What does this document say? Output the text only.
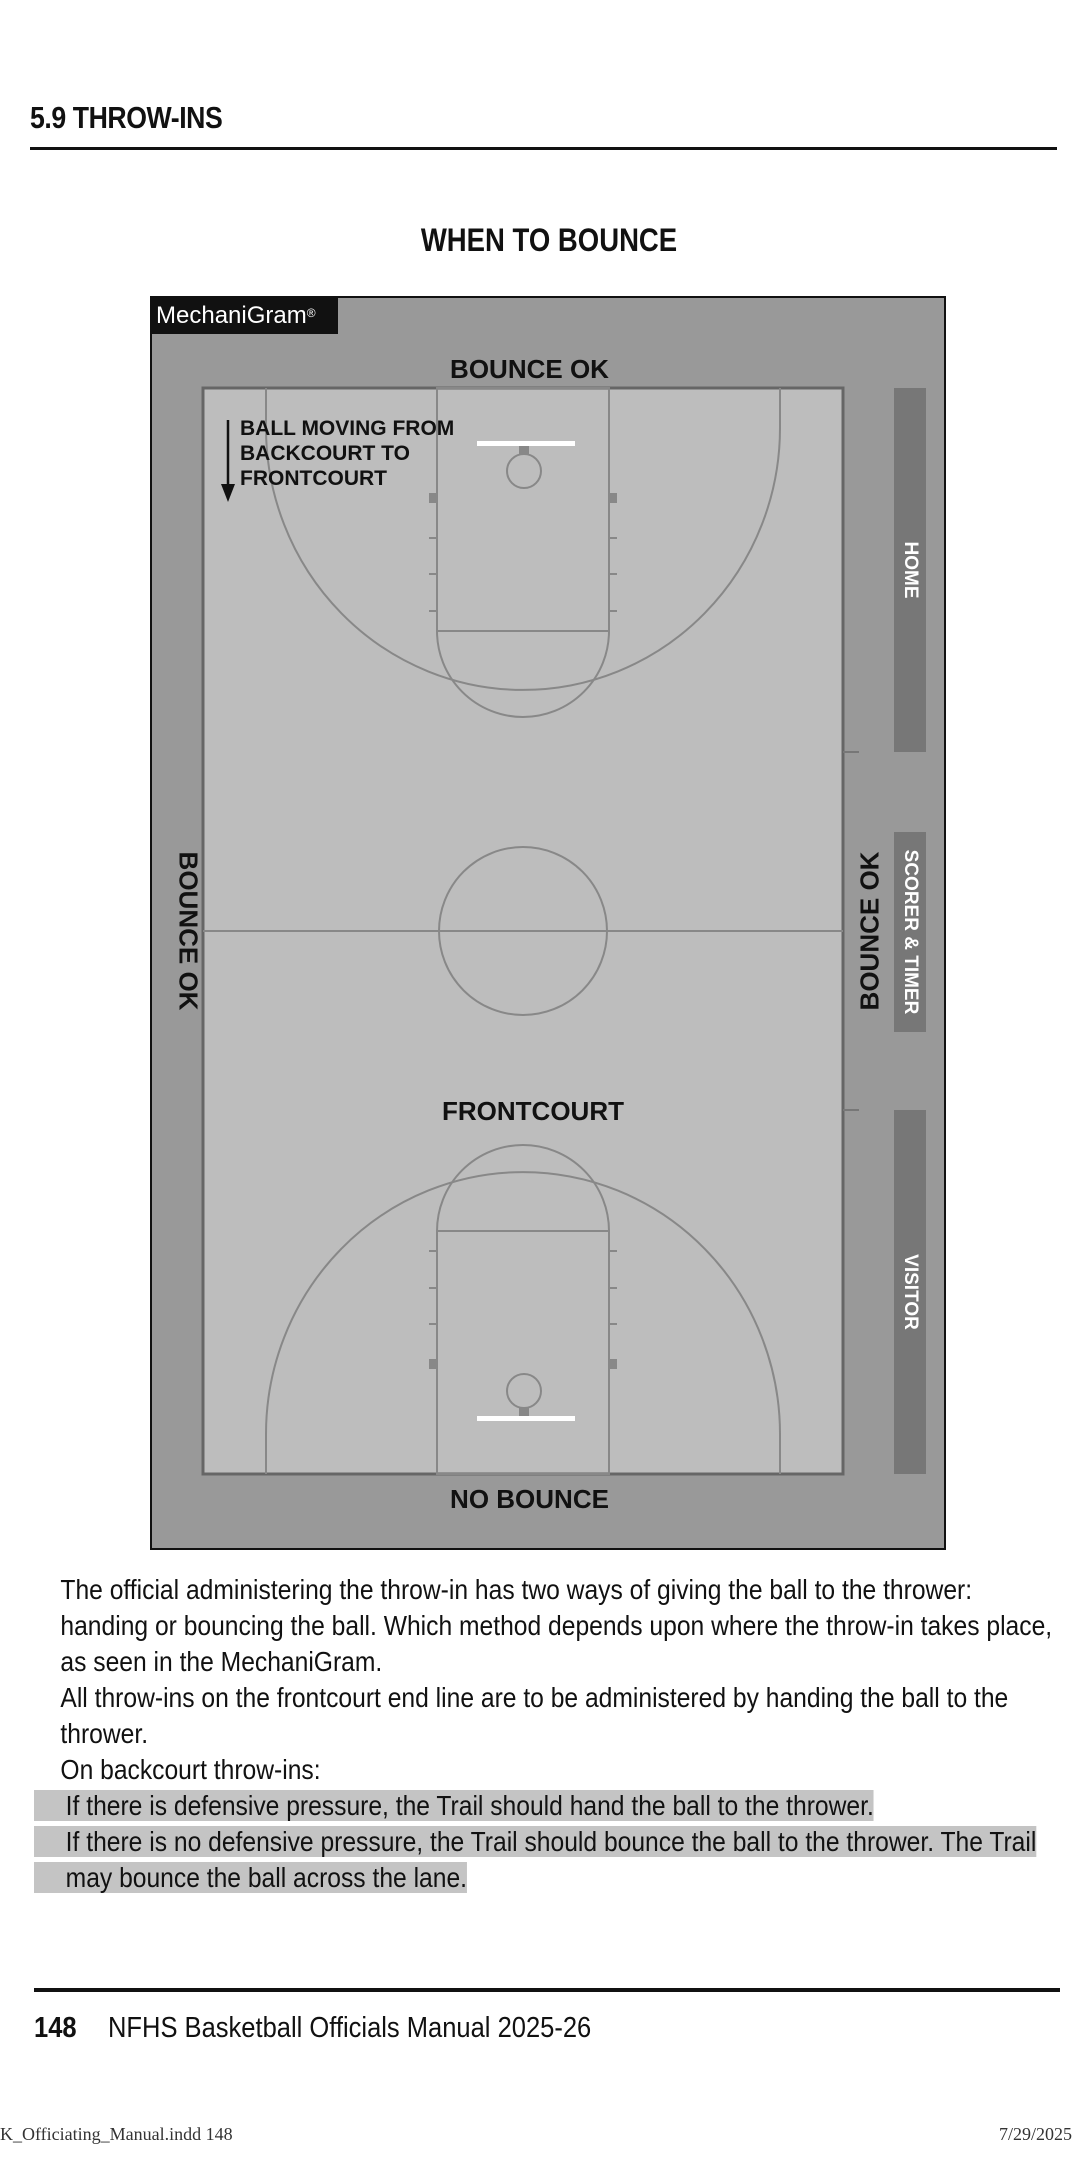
5.9 THROW-INS
WHEN TO BOUNCE
MechaniGram®
BOUNCE OK
NO BOUNCE
FRONTCOURT
BOUNCE OK	BOUNCE OK
BALL MOVING FROM
BACKCOURT TO
FRONTCOURT
HOME
SCORER & TIMER
VISITOR

The official administering the throw-in has two ways of giving the ball to the thrower: handing or bouncing the ball. Which method depends upon where the throw-in takes place, as seen in the MechaniGram.

All throw-ins on the frontcourt end line are to be administered by handing the ball to the thrower.

On backcourt throw-ins:

If there is defensive pressure, the Trail should hand the ball to the thrower.

If there is no defensive pressure, the Trail should bounce the ball to the thrower. The Trail may bounce the ball across the lane.

148 NFHS Basketball Officials Manual 2025-26
K_Officiating_Manual.indd 148	7/29/2025
